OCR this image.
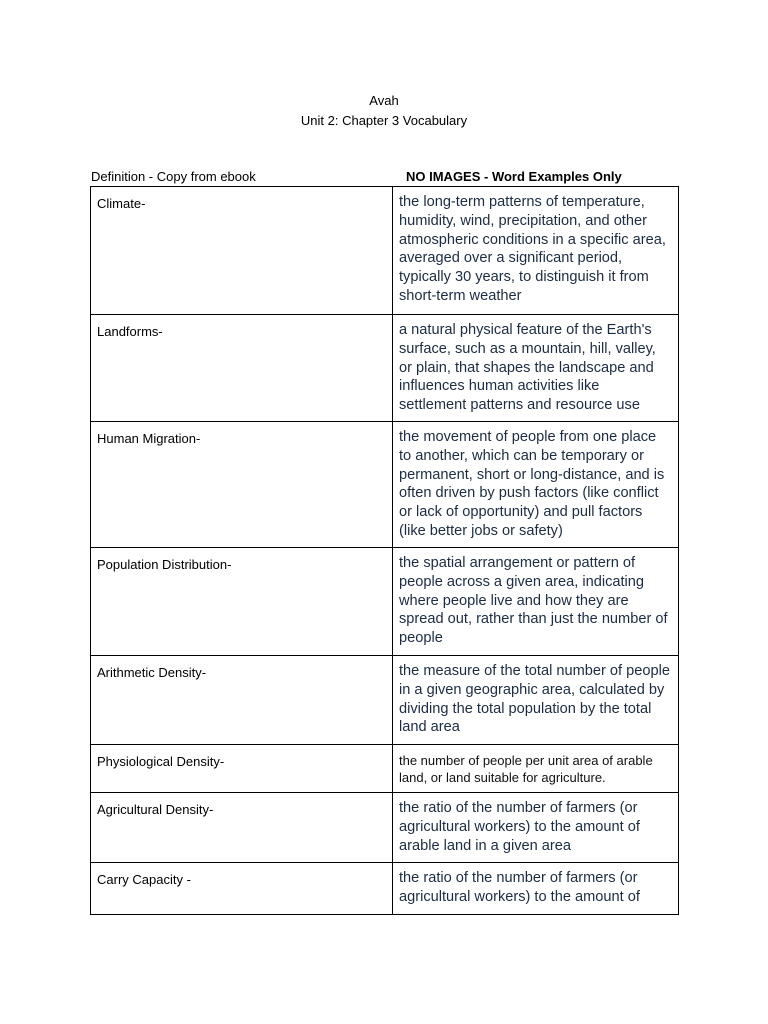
Avah
Unit 2: Chapter 3 Vocabulary
Definition - Copy from ebook	NO IMAGES - Word Examples Only
Climate-	the long-term patterns of temperature, humidity, wind, precipitation, and other atmospheric conditions in a specific area, averaged over a significant period, typically 30 years, to distinguish it from short-term weather
Landforms-	a natural physical feature of the Earth's surface, such as a mountain, hill, valley, or plain, that shapes the landscape and influences human activities like settlement patterns and resource use
Human Migration-	the movement of people from one place to another, which can be temporary or permanent, short or long-distance, and is often driven by push factors (like conflict or lack of opportunity) and pull factors (like better jobs or safety)
Population Distribution-	the spatial arrangement or pattern of people across a given area, indicating where people live and how they are spread out, rather than just the number of people
Arithmetic Density-	the measure of the total number of people in a given geographic area, calculated by dividing the total population by the total land area
Physiological Density-	the number of people per unit area of arable land, or land suitable for agriculture.
Agricultural Density-	the ratio of the number of farmers (or agricultural workers) to the amount of arable land in a given area
Carry Capacity -	the ratio of the number of farmers (or agricultural workers) to the amount of
